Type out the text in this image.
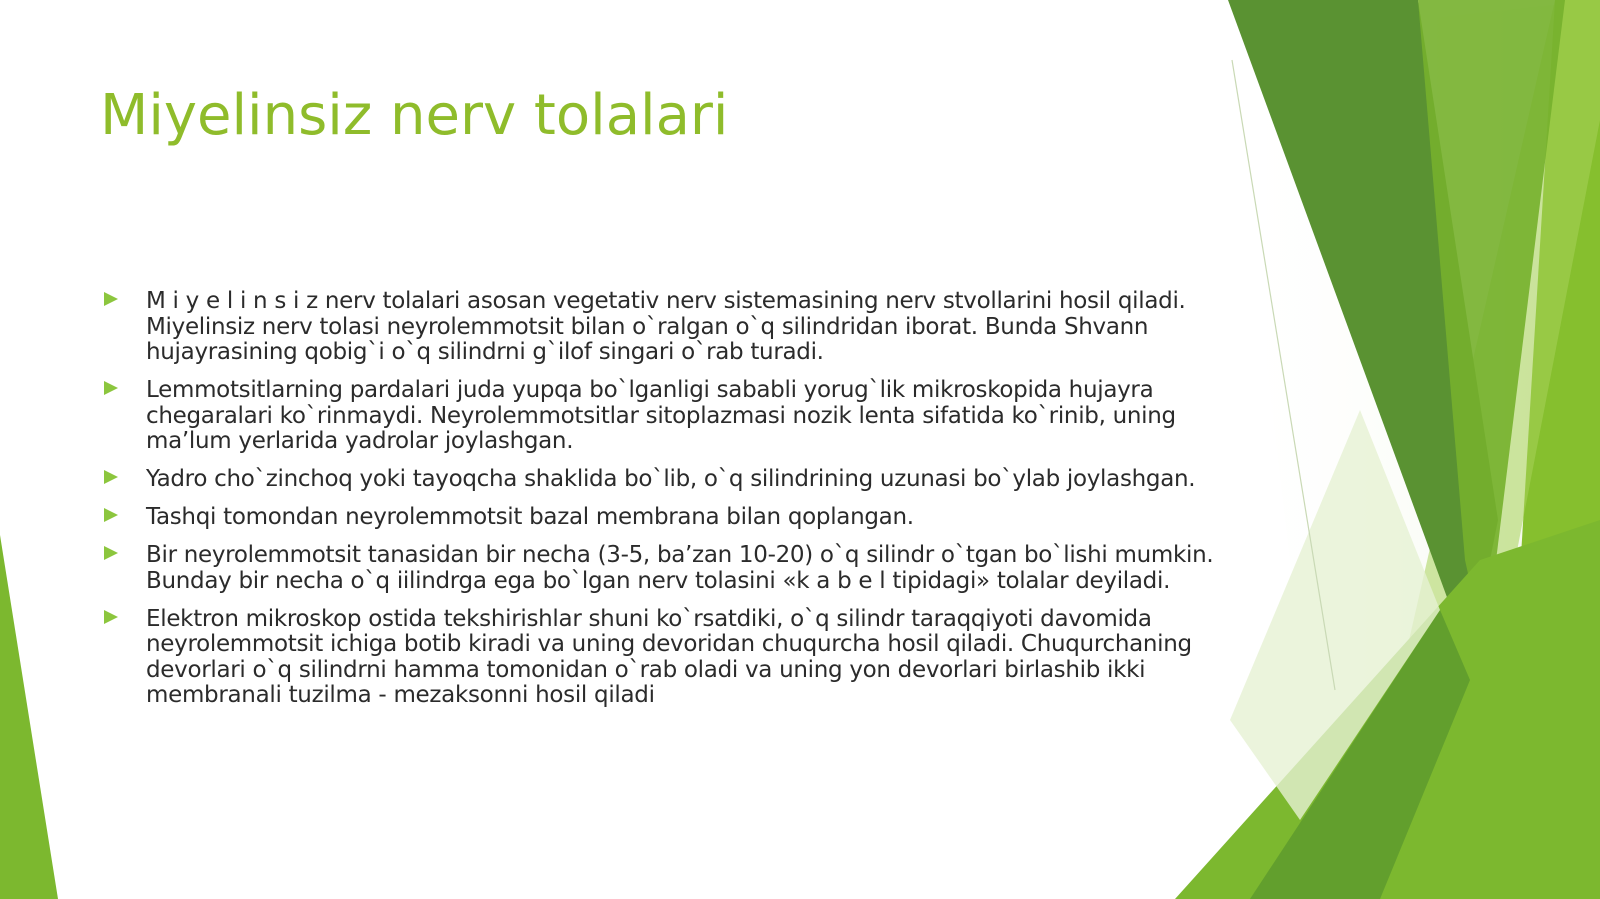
Miyelinsiz nerv tolalari
M i y e l i n s i z nerv tolalari asosan vegetativ nerv sistemasining nerv stvollarini hosil qiladi. Miyelinsiz nerv tolasi neyrolemmotsit bilan o`ralgan o`q silindridan iborat. Bunda Shvann hujayrasining qobig`i o`q silindrni g`ilof singari o`rab turadi.
Lemmotsitlarning pardalari juda yupqa bo`lganligi sababli yorug`lik mikroskopida hujayra chegaralari ko`rinmaydi. Neyrolemmotsitlar sitoplazmasi nozik lenta sifatida ko`rinib, uning ma’lum yerlarida yadrolar joylashgan.
Yadro cho`zinchoq yoki tayoqcha shaklida bo`lib, o`q silindrining uzunasi bo`ylab joylashgan.
Tashqi tomondan neyrolemmotsit bazal membrana bilan qoplangan.
Bir neyrolemmotsit tanasidan bir necha (3-5, ba’zan 10-20) o`q silindr o`tgan bo`lishi mumkin. Bunday bir necha o`q iilindrga ega bo`lgan nerv tolasini «k a b e l tipidagi» tolalar deyiladi.
Elektron mikroskop ostida tekshirishlar shuni ko`rsatdiki, o`q silindr taraqqiyoti davomida neyrolemmotsit ichiga botib kiradi va uning devoridan chuqurcha hosil qiladi. Chuqurchaning devorlari o`q silindrni hamma tomonidan o`rab oladi va uning yon devorlari birlashib ikki membranali tuzilma - mezaksonni hosil qiladi
